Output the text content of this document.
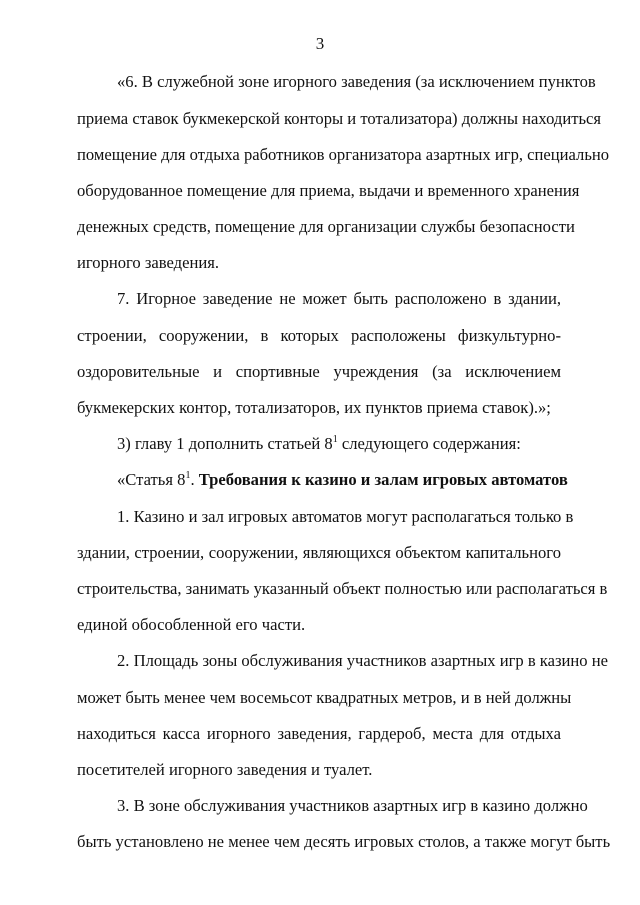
3
«6. В служебной зоне игорного заведения (за исключением пунктов
приема ставок букмекерской конторы и тотализатора) должны находиться
помещение для отдыха работников организатора азартных игр, специально
оборудованное помещение для приема, выдачи и временного хранения
денежных средств, помещение для организации службы безопасности
игорного заведения.
7. Игорное заведение не может быть расположено в здании,
строении, сооружении, в которых расположены физкультурно-
оздоровительные и спортивные учреждения (за исключением
букмекерских контор, тотализаторов, их пунктов приема ставок).»;
3) главу 1 дополнить статьей $8^1$ следующего содержания:
«Статья $8^1$. Требования к казино и залам игровых автоматов
1. Казино и зал игровых автоматов могут располагаться только в
здании, строении, сооружении, являющихся объектом капитального
строительства, занимать указанный объект полностью или располагаться в
единой обособленной его части.
2. Площадь зоны обслуживания участников азартных игр в казино не
может быть менее чем восемьсот квадратных метров, и в ней должны
находиться касса игорного заведения, гардероб, места для отдыха
посетителей игорного заведения и туалет.
3. В зоне обслуживания участников азартных игр в казино должно
быть установлено не менее чем десять игровых столов, а также могут быть
